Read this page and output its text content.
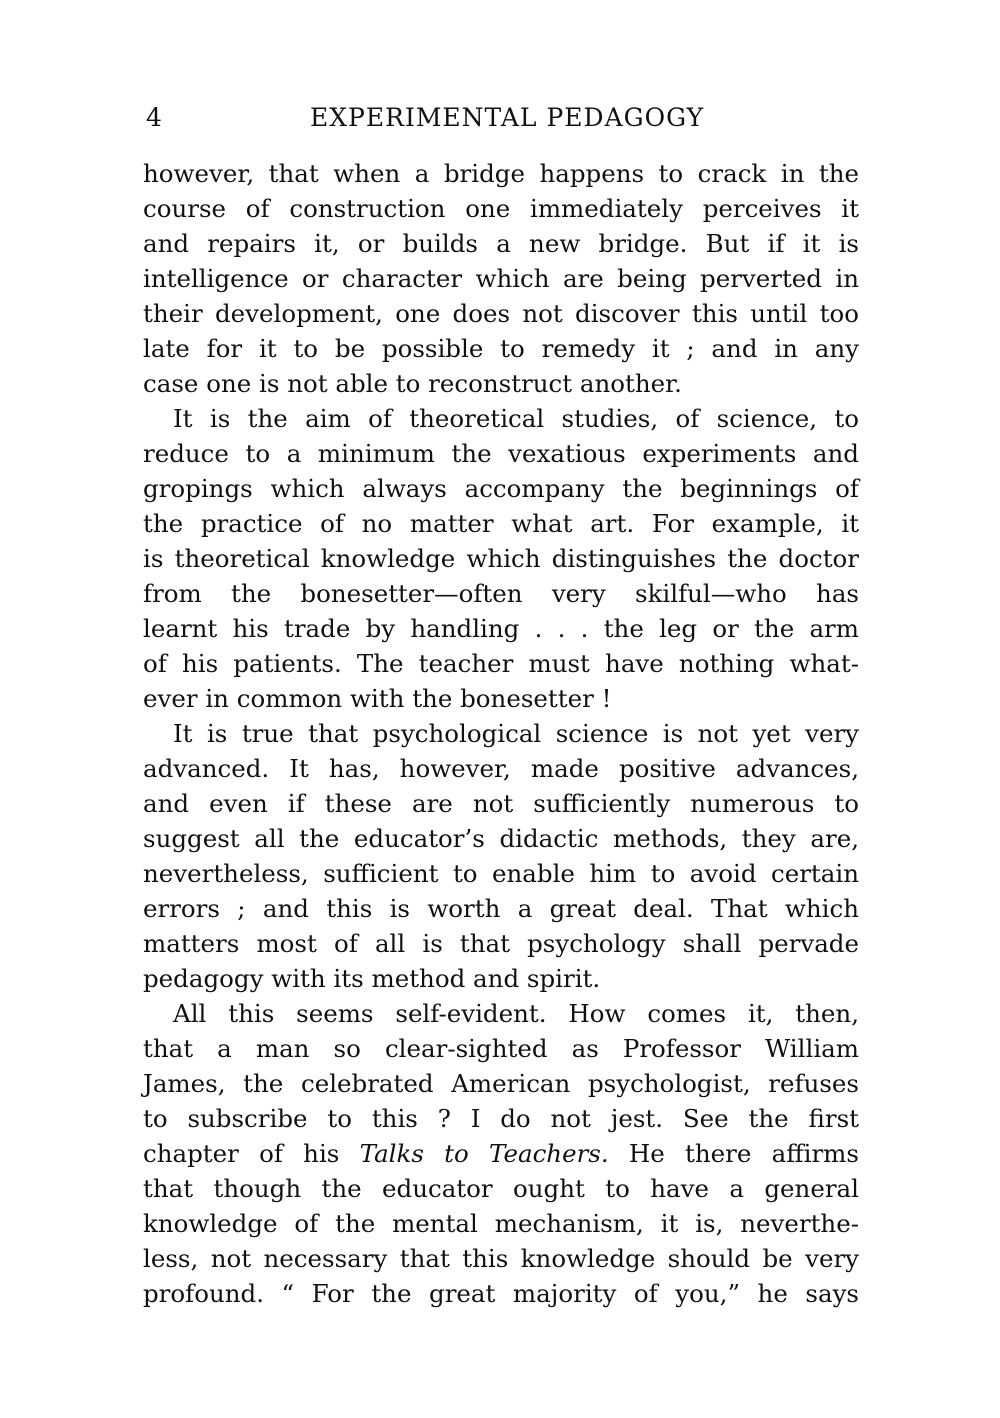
4	EXPERIMENTAL PEDAGOGY
however, that when a bridge happens to crack in the
course of construction one immediately perceives it
and repairs it, or builds a new bridge. But if it is
intelligence or character which are being perverted in
their development, one does not discover this until too
late for it to be possible to remedy it ; and in any
case one is not able to reconstruct another.
It is the aim of theoretical studies, of science, to
reduce to a minimum the vexatious experiments and
gropings which always accompany the beginnings of
the practice of no matter what art. For example, it
is theoretical knowledge which distinguishes the doctor
from the bonesetter—often very skilful—who has
learnt his trade by handling . . . the leg or the arm
of his patients. The teacher must have nothing what-
ever in common with the bonesetter !
It is true that psychological science is not yet very
advanced. It has, however, made positive advances,
and even if these are not sufficiently numerous to
suggest all the educator’s didactic methods, they are,
nevertheless, sufficient to enable him to avoid certain
errors ; and this is worth a great deal. That which
matters most of all is that psychology shall pervade
pedagogy with its method and spirit.
All this seems self-evident. How comes it, then,
that a man so clear-sighted as Professor William
James, the celebrated American psychologist, refuses
to subscribe to this ? I do not jest. See the first
chapter of his Talks to Teachers. He there affirms
that though the educator ought to have a general
knowledge of the mental mechanism, it is, neverthe-
less, not necessary that this knowledge should be very
profound. “ For the great majority of you,” he says
